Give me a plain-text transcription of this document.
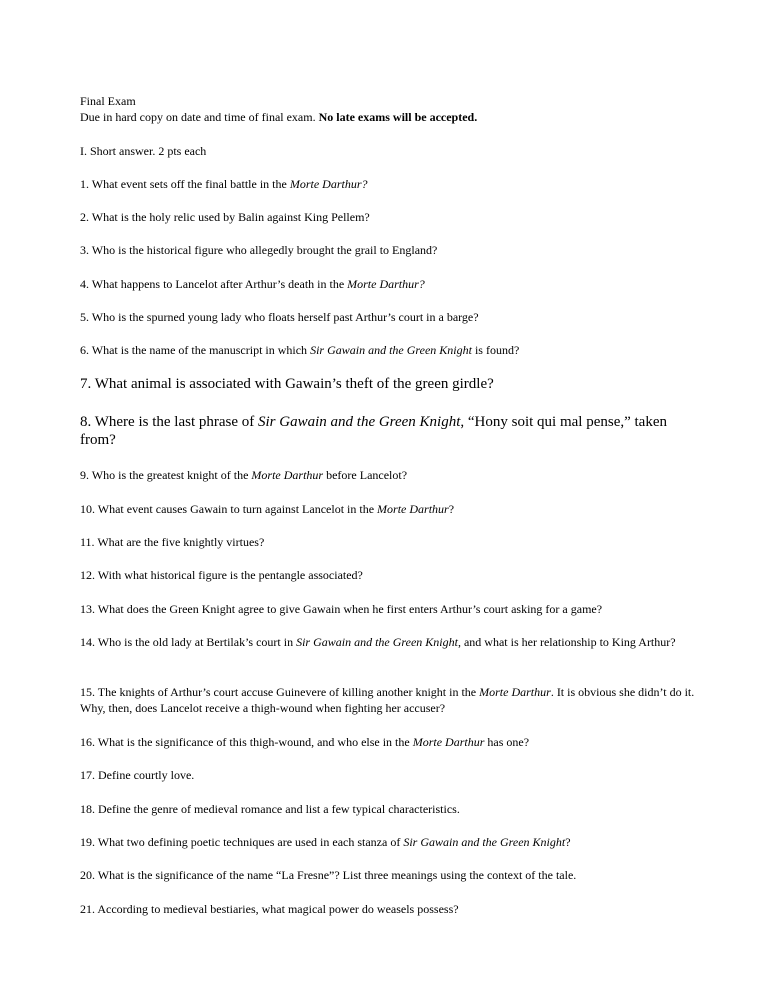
Final Exam
Due in hard copy on date and time of final exam. No late exams will be accepted.
I. Short answer. 2 pts each
1. What event sets off the final battle in the Morte Darthur?
2. What is the holy relic used by Balin against King Pellem?
3. Who is the historical figure who allegedly brought the grail to England?
4. What happens to Lancelot after Arthur’s death in the Morte Darthur?
5. Who is the spurned young lady who floats herself past Arthur’s court in a barge?
6. What is the name of the manuscript in which Sir Gawain and the Green Knight is found?
7. What animal is associated with Gawain’s theft of the green girdle?
8. Where is the last phrase of Sir Gawain and the Green Knight, “Hony soit qui mal pense,” taken from?
9. Who is the greatest knight of the Morte Darthur before Lancelot?
10. What event causes Gawain to turn against Lancelot in the Morte Darthur?
11. What are the five knightly virtues?
12. With what historical figure is the pentangle associated?
13. What does the Green Knight agree to give Gawain when he first enters Arthur’s court asking for a game?
14. Who is the old lady at Bertilak’s court in Sir Gawain and the Green Knight, and what is her relationship to King Arthur?
15. The knights of Arthur’s court accuse Guinevere of killing another knight in the Morte Darthur. It is obvious she didn’t do it. Why, then, does Lancelot receive a thigh-wound when fighting her accuser?
16. What is the significance of this thigh-wound, and who else in the Morte Darthur has one?
17. Define courtly love.
18. Define the genre of medieval romance and list a few typical characteristics.
19. What two defining poetic techniques are used in each stanza of Sir Gawain and the Green Knight?
20. What is the significance of the name “La Fresne”? List three meanings using the context of the tale.
21. According to medieval bestiaries, what magical power do weasels possess?
